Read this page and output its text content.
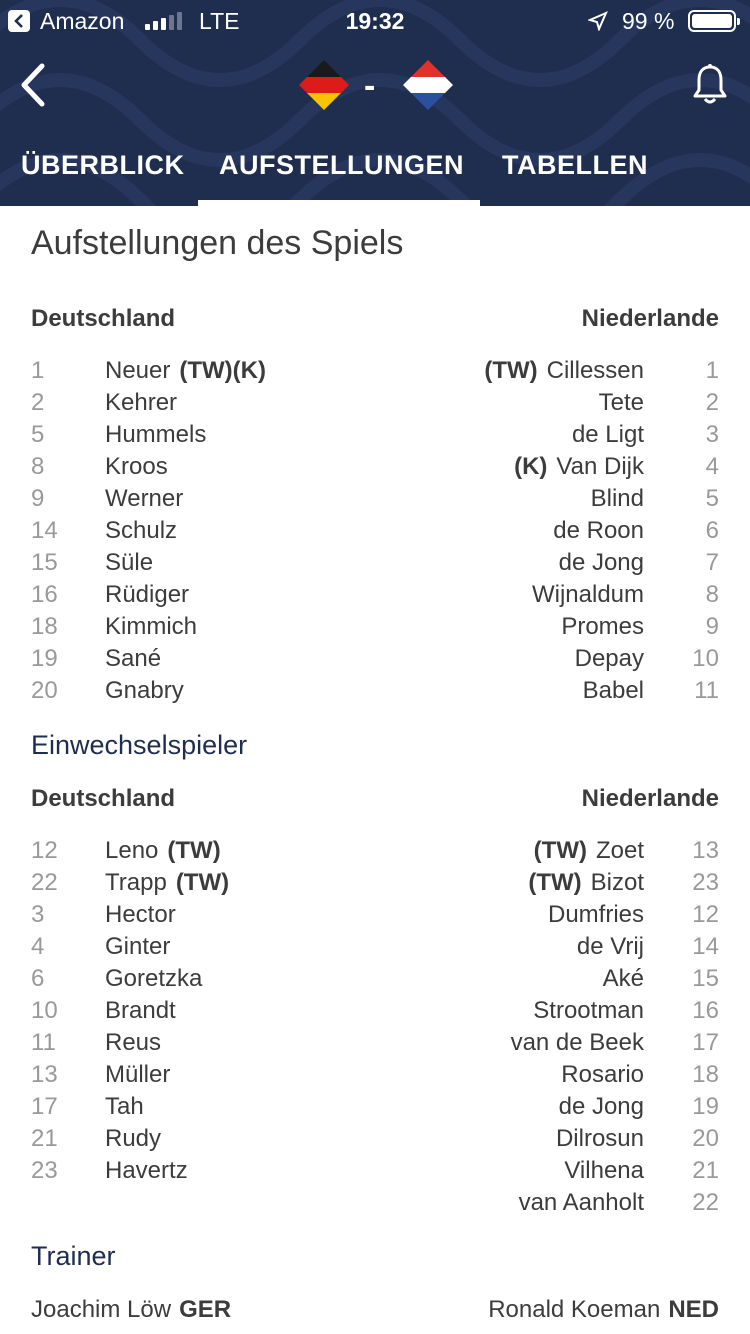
Amazon	LTE	19:32	99 %
-
ÜBERBLICK AUFSTELLUNGEN TABELLEN
Aufstellungen des Spiels
Deutschland	Niederlande
1	Neuer (TW)(K)	(TW) Cillessen	1
2	Kehrer	Tete	2
5	Hummels	de Ligt	3
8	Kroos	(K) Van Dijk	4
9	Werner	Blind	5
14 Schulz	de Roon	6
15 Süle	de Jong	7
16 Rüdiger	Wijnaldum	8
18 Kimmich	Promes	9
19 Sané	Depay 10
20 Gnabry	Babel 11
Einwechselspieler
Deutschland	Niederlande
12 Leno (TW)	(TW) Zoet 13
22 Trapp (TW)	(TW) Bizot 23
3	Hector	Dumfries 12
4	Ginter	de Vrij 14
6	Goretzka	Aké 15
10 Brandt	Strootman 16
11 Reus	van de Beek 17
13 Müller	Rosario 18
17 Tah	de Jong 19
21 Rudy	Dilrosun 20
23 Havertz	Vilhena 21
van Aanholt 22
Trainer
Joachim Löw GER	Ronald Koeman NED
